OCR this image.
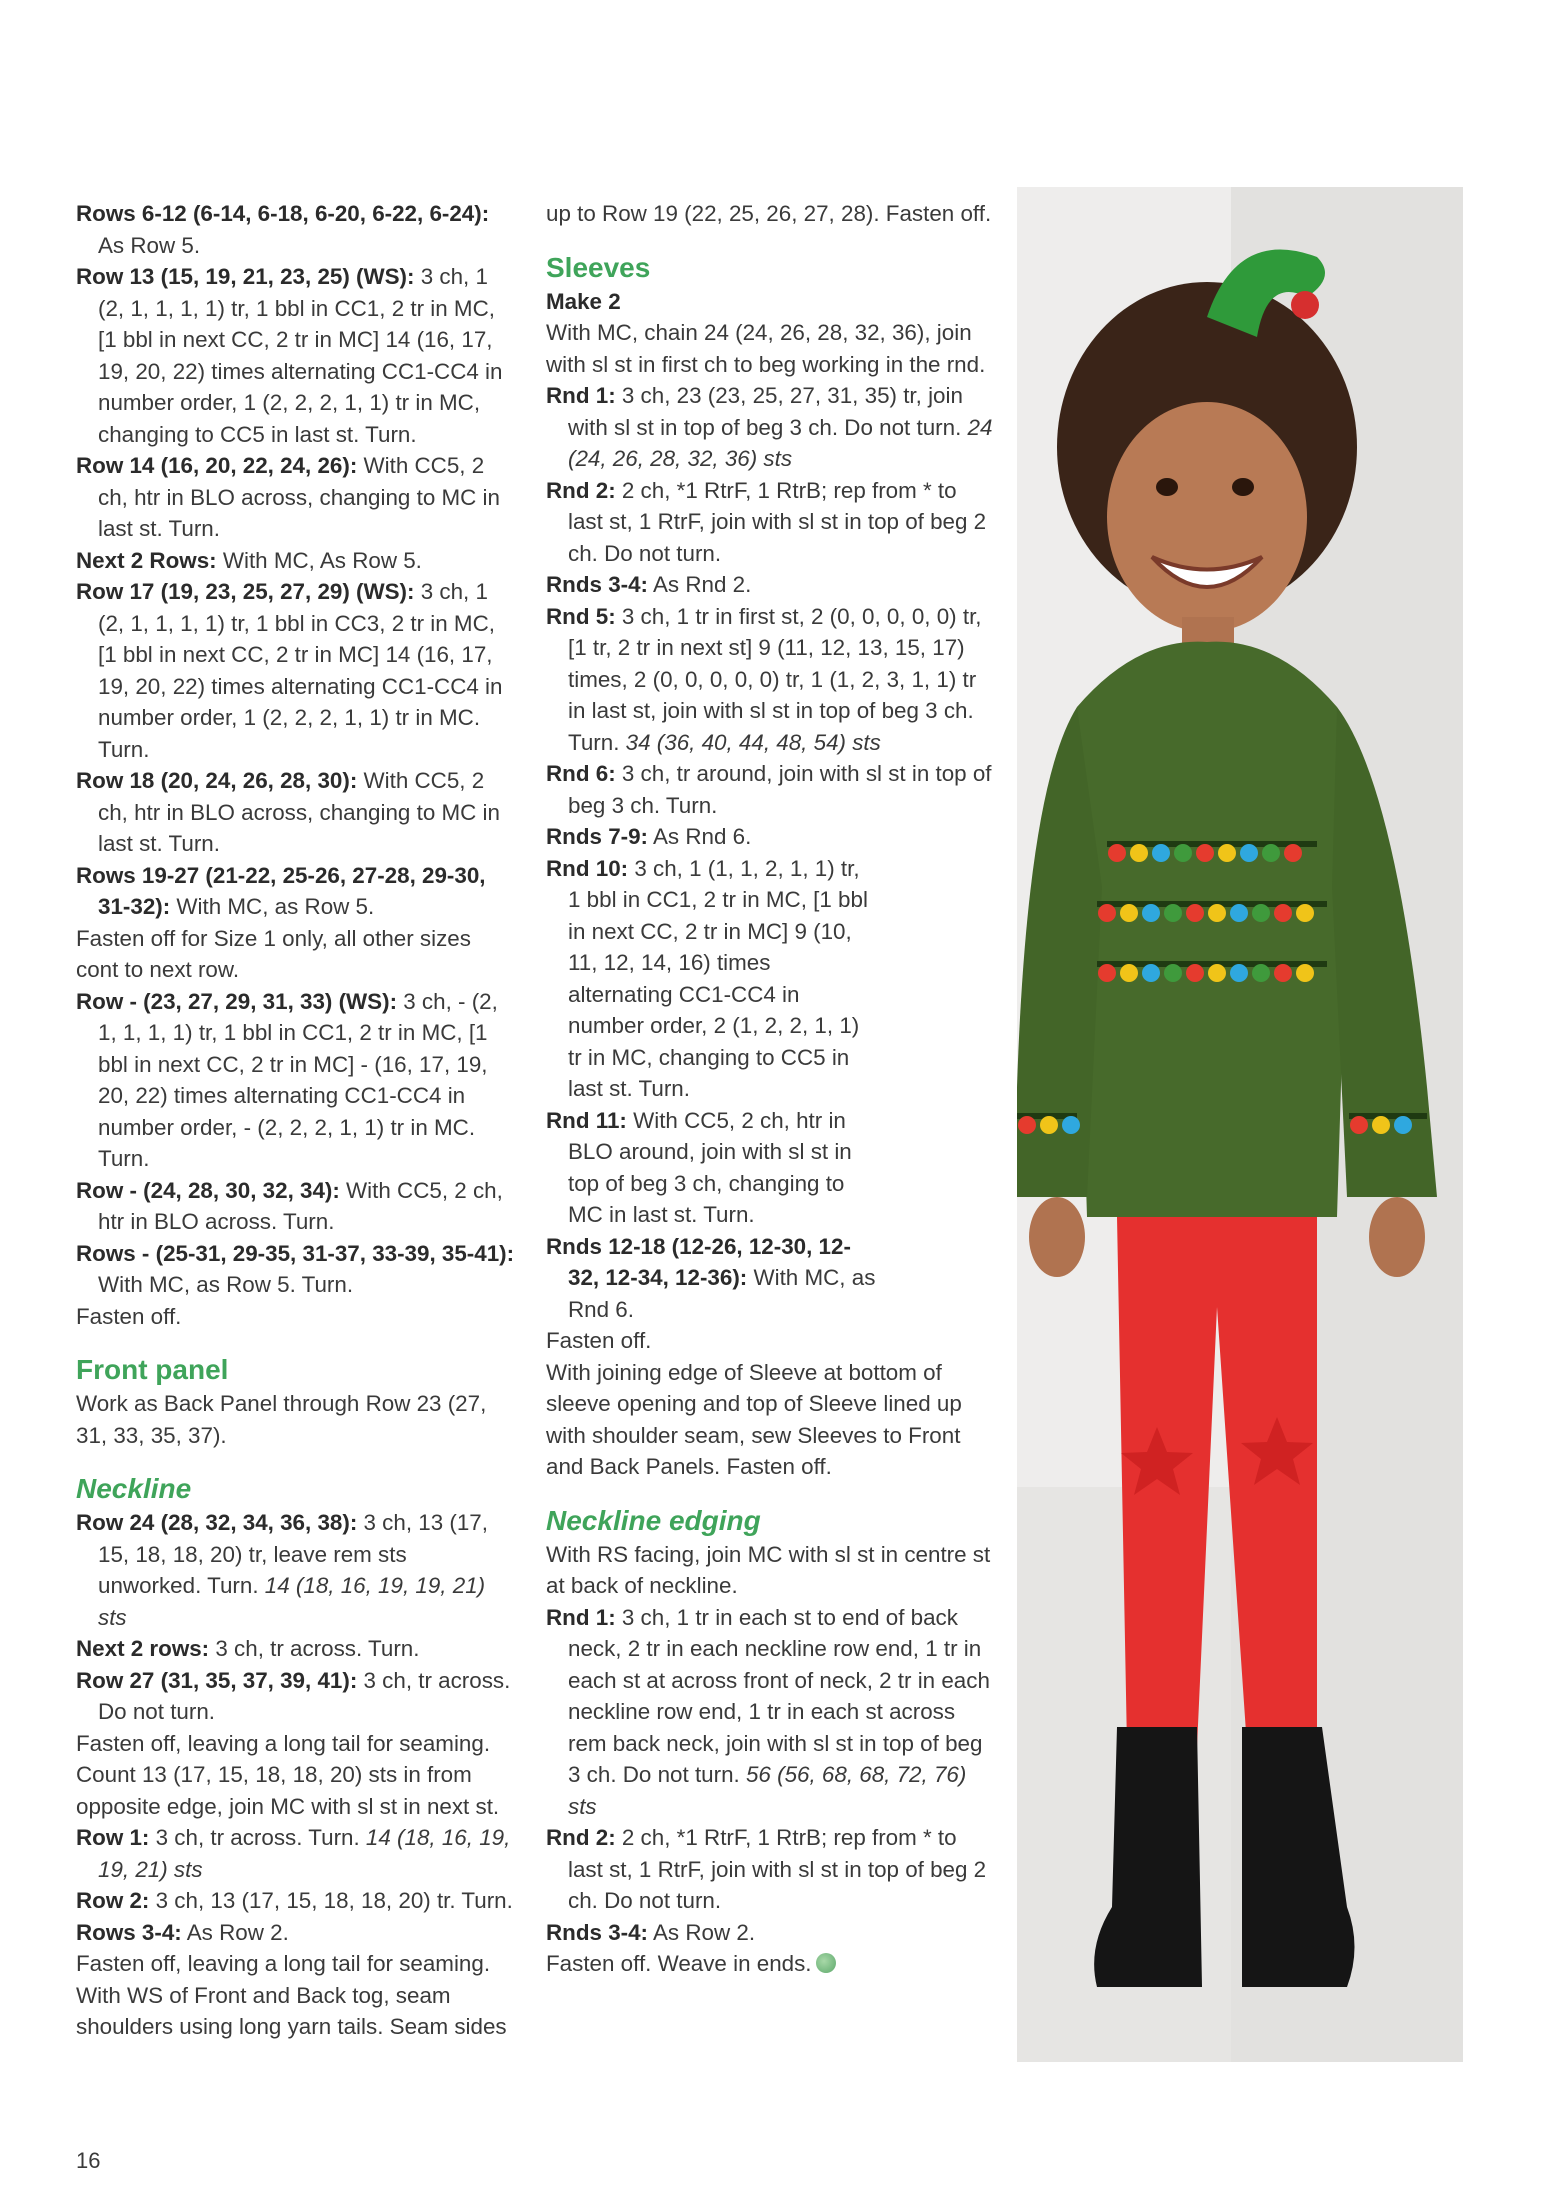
Rows 6-12 (6-14, 6-18, 6-20, 6-22, 6-24): As Row 5.

Row 13 (15, 19, 21, 23, 25) (WS): 3 ch, 1 (2, 1, 1, 1, 1) tr, 1 bbl in CC1, 2 tr in MC, [1 bbl in next CC, 2 tr in MC] 14 (16, 17, 19, 20, 22) times alternating CC1-CC4 in number order, 1 (2, 2, 2, 1, 1) tr in MC, changing to CC5 in last st. Turn.

Row 14 (16, 20, 22, 24, 26): With CC5, 2 ch, htr in BLO across, changing to MC in last st. Turn.

Next 2 Rows: With MC, As Row 5.

Row 17 (19, 23, 25, 27, 29) (WS): 3 ch, 1 (2, 1, 1, 1, 1) tr, 1 bbl in CC3, 2 tr in MC, [1 bbl in next CC, 2 tr in MC] 14 (16, 17, 19, 20, 22) times alternating CC1-CC4 in number order, 1 (2, 2, 2, 1, 1) tr in MC. Turn.

Row 18 (20, 24, 26, 28, 30): With CC5, 2 ch, htr in BLO across, changing to MC in last st. Turn.

Rows 19-27 (21-22, 25-26, 27-28, 29-30, 31-32): With MC, as Row 5.

Fasten off for Size 1 only, all other sizes cont to next row.

Row - (23, 27, 29, 31, 33) (WS): 3 ch, - (2, 1, 1, 1, 1) tr, 1 bbl in CC1, 2 tr in MC, [1 bbl in next CC, 2 tr in MC] - (16, 17, 19, 20, 22) times alternating CC1-CC4 in number order, - (2, 2, 2, 1, 1) tr in MC. Turn.

Row - (24, 28, 30, 32, 34): With CC5, 2 ch, htr in BLO across. Turn.

Rows - (25-31, 29-35, 31-37, 33-39, 35-41): With MC, as Row 5. Turn.

Fasten off.

Front panel

Work as Back Panel through Row 23 (27, 31, 33, 35, 37).

Neckline

Row 24 (28, 32, 34, 36, 38): 3 ch, 13 (17, 15, 18, 18, 20) tr, leave rem sts unworked. Turn. 14 (18, 16, 19, 19, 21) sts

Next 2 rows: 3 ch, tr across. Turn.

Row 27 (31, 35, 37, 39, 41): 3 ch, tr across. Do not turn.

Fasten off, leaving a long tail for seaming. Count 13 (17, 15, 18, 18, 20) sts in from opposite edge, join MC with sl st in next st.

Row 1: 3 ch, tr across. Turn. 14 (18, 16, 19, 19, 21) sts

Row 2: 3 ch, 13 (17, 15, 18, 18, 20) tr. Turn.

Rows 3-4: As Row 2.

Fasten off, leaving a long tail for seaming. With WS of Front and Back tog, seam shoulders using long yarn tails. Seam sides

up to Row 19 (22, 25, 26, 27, 28). Fasten off.

Sleeves

Make 2

With MC, chain 24 (24, 26, 28, 32, 36), join with sl st in first ch to beg working in the rnd.

Rnd 1: 3 ch, 23 (23, 25, 27, 31, 35) tr, join with sl st in top of beg 3 ch. Do not turn. 24 (24, 26, 28, 32, 36) sts

Rnd 2: 2 ch, *1 RtrF, 1 RtrB; rep from * to last st, 1 RtrF, join with sl st in top of beg 2 ch. Do not turn.

Rnds 3-4: As Rnd 2.

Rnd 5: 3 ch, 1 tr in first st, 2 (0, 0, 0, 0, 0) tr, [1 tr, 2 tr in next st] 9 (11, 12, 13, 15, 17) times, 2 (0, 0, 0, 0, 0) tr, 1 (1, 2, 3, 1, 1) tr in last st, join with sl st in top of beg 3 ch. Turn. 34 (36, 40, 44, 48, 54) sts

Rnd 6: 3 ch, tr around, join with sl st in top of beg 3 ch. Turn.

Rnds 7-9: As Rnd 6.

Rnd 10: 3 ch, 1 (1, 1, 2, 1, 1) tr, 1 bbl in CC1, 2 tr in MC, [1 bbl in next CC, 2 tr in MC] 9 (10, 11, 12, 14, 16) times alternating CC1-CC4 in number order, 2 (1, 2, 2, 1, 1) tr in MC, changing to CC5 in last st. Turn.

Rnd 11: With CC5, 2 ch, htr in BLO around, join with sl st in top of beg 3 ch, changing to MC in last st. Turn.

Rnds 12-18 (12-26, 12-30, 12-32, 12-34, 12-36): With MC, as Rnd 6.

Fasten off.

With joining edge of Sleeve at bottom of sleeve opening and top of Sleeve lined up with shoulder seam, sew Sleeves to Front and Back Panels. Fasten off.

Neckline edging

With RS facing, join MC with sl st in centre st at back of neckline.

Rnd 1: 3 ch, 1 tr in each st to end of back neck, 2 tr in each neckline row end, 1 tr in each st at across front of neck, 2 tr in each neckline row end, 1 tr in each st across rem back neck, join with sl st in top of beg 3 ch. Do not turn. 56 (56, 68, 68, 72, 76) sts

Rnd 2: 2 ch, *1 RtrF, 1 RtrB; rep from * to last st, 1 RtrF, join with sl st in top of beg 2 ch. Do not turn.

Rnds 3-4: As Row 2.

Fasten off. Weave in ends.

16
